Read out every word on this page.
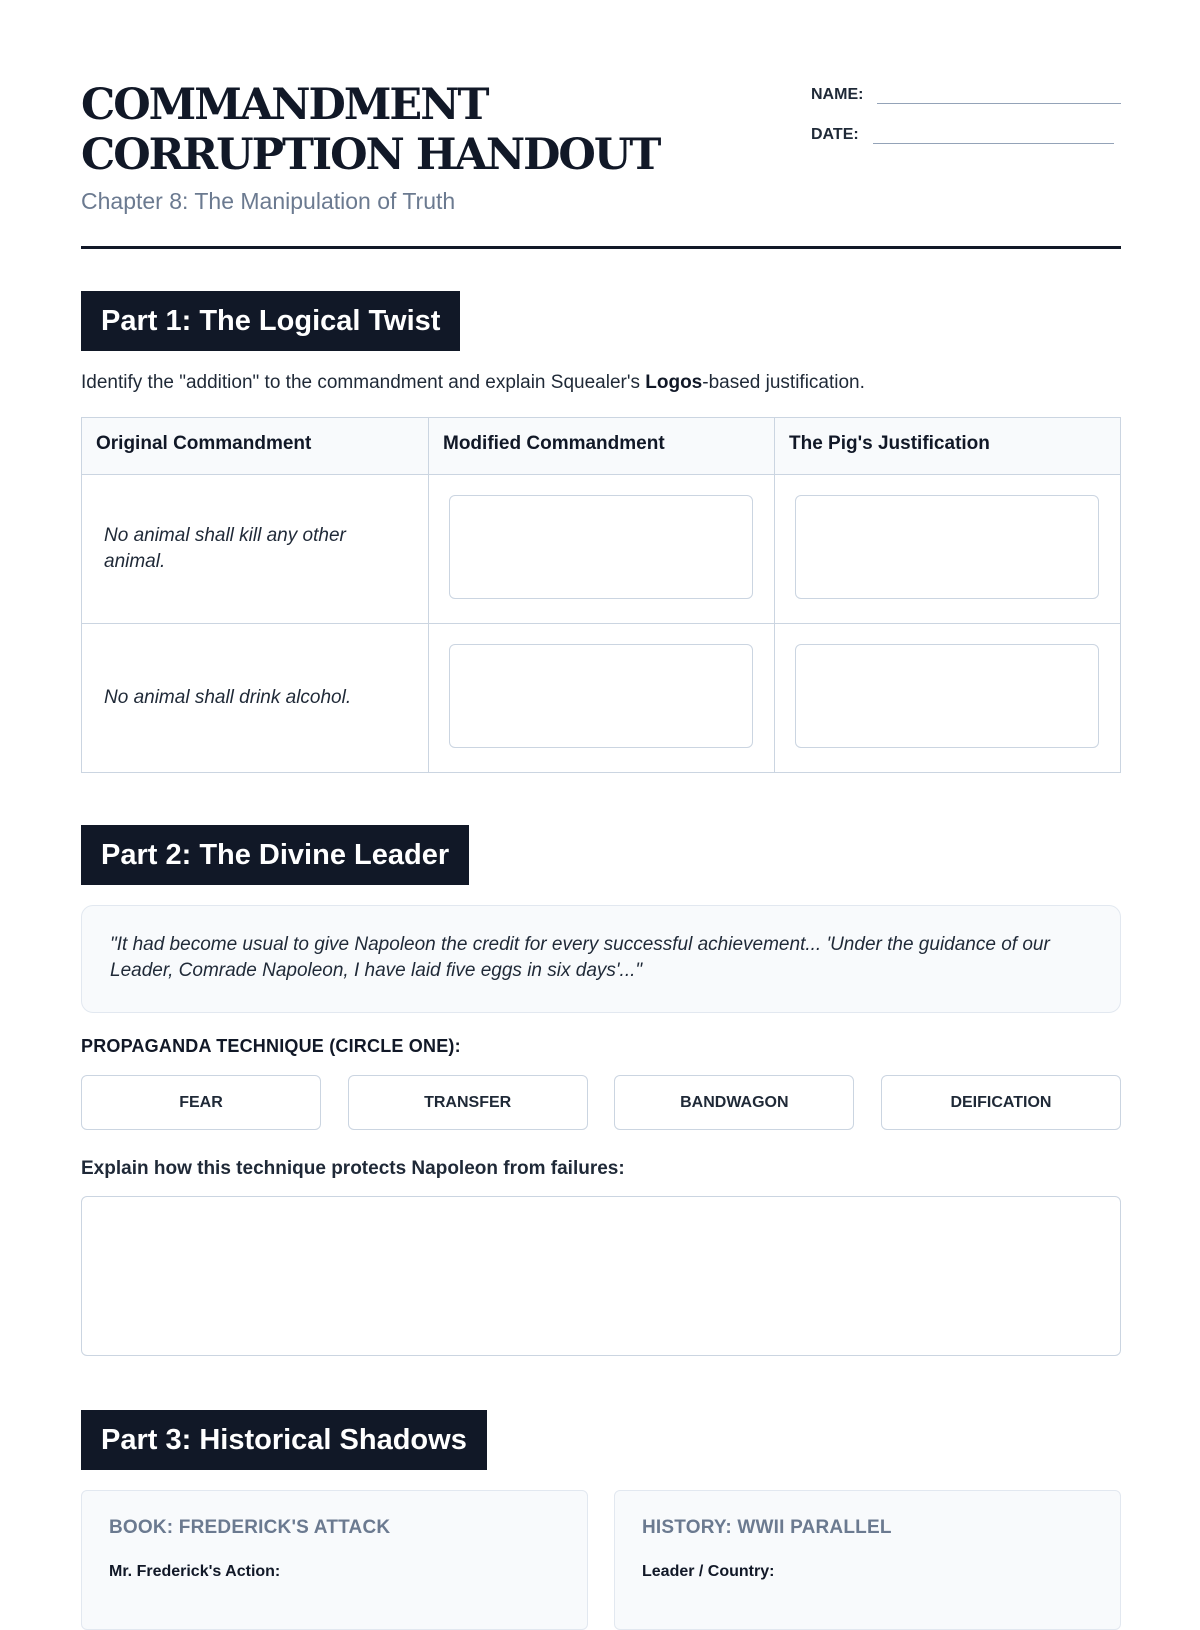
COMMANDMENT
CORRUPTION HANDOUT
Chapter 8: The Manipulation of Truth
NAME:
DATE:
Part 1: The Logical Twist
Identify the "addition" to the commandment and explain Squealer's Logos-based justification.
Original Commandment	Modified Commandment	The Pig's Justification
No animal shall kill any other animal.
No animal shall drink alcohol.
Part 2: The Divine Leader
"It had become usual to give Napoleon the credit for every successful achievement... 'Under the guidance of our Leader, Comrade Napoleon, I have laid five eggs in six days'..."
PROPAGANDA TECHNIQUE (CIRCLE ONE):
FEAR	TRANSFER	BANDWAGON	DEIFICATION
Explain how this technique protects Napoleon from failures:
Part 3: Historical Shadows
BOOK: FREDERICK'S ATTACK
Mr. Frederick's Action:
HISTORY: WWII PARALLEL
Leader / Country:
